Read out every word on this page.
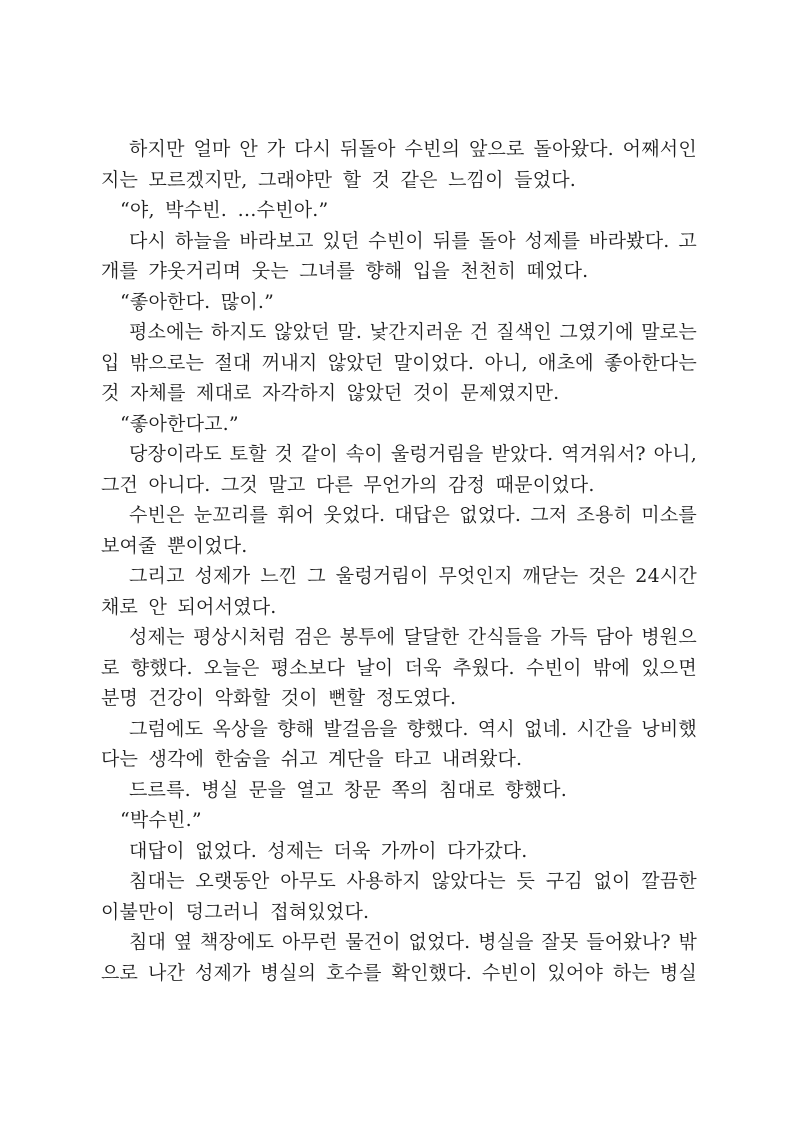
하지만 얼마 안 가 다시 뒤돌아 수빈의 앞으로 돌아왔다. 어째서인
지는 모르겠지만, 그래야만 할 것 같은 느낌이 들었다.
“야, 박수빈. …수빈아.”
다시 하늘을 바라보고 있던 수빈이 뒤를 돌아 성제를 바라봤다. 고
개를 갸웃거리며 웃는 그녀를 향해 입을 천천히 떼었다.
“좋아한다. 많이.”
평소에는 하지도 않았던 말. 낯간지러운 건 질색인 그였기에 말로는
입 밖으로는 절대 꺼내지 않았던 말이었다. 아니, 애초에 좋아한다는
것 자체를 제대로 자각하지 않았던 것이 문제였지만.
“좋아한다고.”
당장이라도 토할 것 같이 속이 울렁거림을 받았다. 역겨워서? 아니,
그건 아니다. 그것 말고 다른 무언가의 감정 때문이었다.
수빈은 눈꼬리를 휘어 웃었다. 대답은 없었다. 그저 조용히 미소를
보여줄 뿐이었다.
그리고 성제가 느낀 그 울렁거림이 무엇인지 깨닫는 것은 24시간
채로 안 되어서였다.
성제는 평상시처럼 검은 봉투에 달달한 간식들을 가득 담아 병원으
로 향했다. 오늘은 평소보다 날이 더욱 추웠다. 수빈이 밖에 있으면
분명 건강이 악화할 것이 뻔할 정도였다.
그럼에도 옥상을 향해 발걸음을 향했다. 역시 없네. 시간을 낭비했
다는 생각에 한숨을 쉬고 계단을 타고 내려왔다.
드르륵. 병실 문을 열고 창문 쪽의 침대로 향했다.
“박수빈.”
대답이 없었다. 성제는 더욱 가까이 다가갔다.
침대는 오랫동안 아무도 사용하지 않았다는 듯 구김 없이 깔끔한
이불만이 덩그러니 접혀있었다.
침대 옆 책장에도 아무런 물건이 없었다. 병실을 잘못 들어왔나? 밖
으로 나간 성제가 병실의 호수를 확인했다. 수빈이 있어야 하는 병실
